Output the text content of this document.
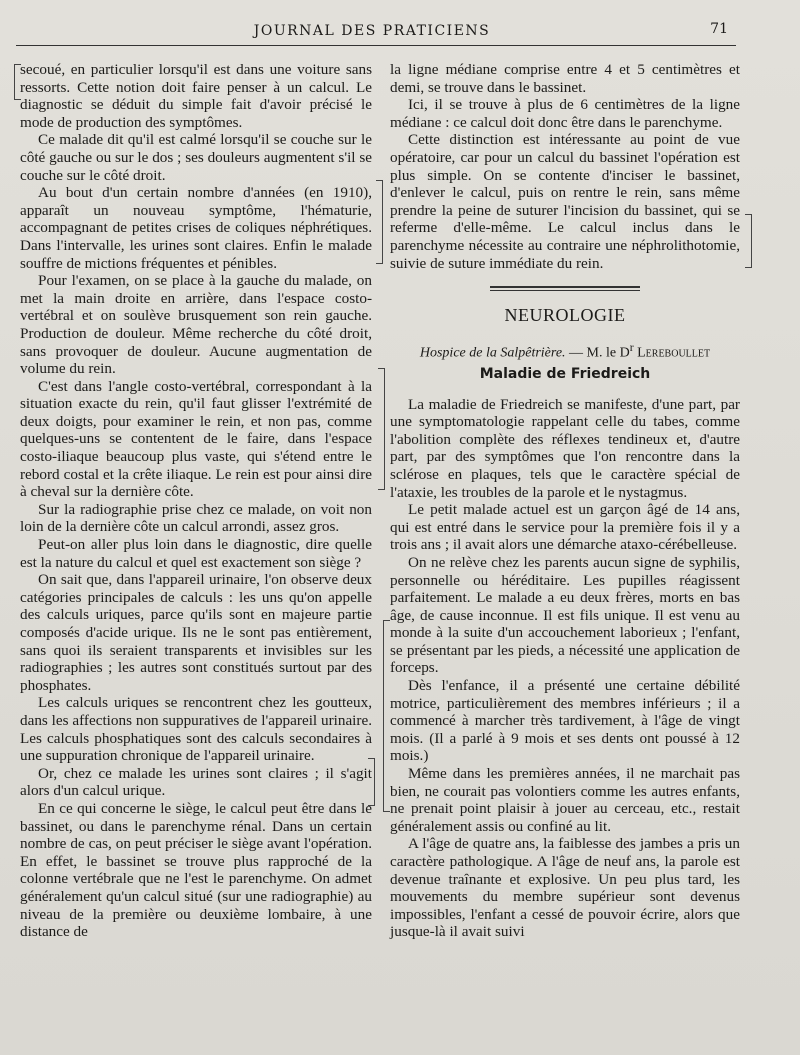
JOURNAL DES PRATICIENS	71

secoué, en particulier lorsqu'il est dans une voiture sans ressorts. Cette notion doit faire penser à un calcul. Le diagnostic se déduit du simple fait d'avoir précisé le mode de production des symptômes.

Ce malade dit qu'il est calmé lorsqu'il se couche sur le côté gauche ou sur le dos ; ses douleurs augmentent s'il se couche sur le côté droit.

Au bout d'un certain nombre d'années (en 1910), apparaît un nouveau symptôme, l'hématurie, accompagnant de petites crises de coliques néphrétiques. Dans l'intervalle, les urines sont claires. Enfin le malade souffre de mictions fréquentes et pénibles.

Pour l'examen, on se place à la gauche du malade, on met la main droite en arrière, dans l'espace costo-vertébral et on soulève brusquement son rein gauche. Production de douleur. Même recherche du côté droit, sans provoquer de douleur. Aucune augmentation de volume du rein.

C'est dans l'angle costo-vertébral, correspondant à la situation exacte du rein, qu'il faut glisser l'extrémité de deux doigts, pour examiner le rein, et non pas, comme quelques-uns se contentent de le faire, dans l'espace costo-iliaque beaucoup plus vaste, qui s'étend entre le rebord costal et la crête iliaque. Le rein est pour ainsi dire à cheval sur la dernière côte.

Sur la radiographie prise chez ce malade, on voit non loin de la dernière côte un calcul arrondi, assez gros.

Peut-on aller plus loin dans le diagnostic, dire quelle est la nature du calcul et quel est exactement son siège ?

On sait que, dans l'appareil urinaire, l'on observe deux catégories principales de calculs : les uns qu'on appelle des calculs uriques, parce qu'ils sont en majeure partie composés d'acide urique. Ils ne le sont pas entièrement, sans quoi ils seraient transparents et invisibles sur les radiographies ; les autres sont constitués surtout par des phosphates.

Les calculs uriques se rencontrent chez les goutteux, dans les affections non suppuratives de l'appareil urinaire. Les calculs phosphatiques sont des calculs secondaires à une suppuration chronique de l'appareil urinaire.

Or, chez ce malade les urines sont claires ; il s'agit alors d'un calcul urique.

En ce qui concerne le siège, le calcul peut être dans le bassinet, ou dans le parenchyme rénal. Dans un certain nombre de cas, on peut préciser le siège avant l'opération. En effet, le bassinet se trouve plus rapproché de la colonne vertébrale que ne l'est le parenchyme. On admet généralement qu'un calcul situé (sur une radiographie) au niveau de la première ou deuxième lombaire, à une distance de

la ligne médiane comprise entre 4 et 5 centimètres et demi, se trouve dans le bassinet.

Ici, il se trouve à plus de 6 centimètres de la ligne médiane : ce calcul doit donc être dans le parenchyme.

Cette distinction est intéressante au point de vue opératoire, car pour un calcul du bassinet l'opération est plus simple. On se contente d'inciser le bassinet, d'enlever le calcul, puis on rentre le rein, sans même prendre la peine de suturer l'incision du bassinet, qui se referme d'elle-même. Le calcul inclus dans le parenchyme nécessite au contraire une néphrolithotomie, suivie de suture immédiate du rein.

NEUROLOGIE
Hospice de la Salpêtrière. — M. le $D^r$ Lereboullet
Maladie de Friedreich

La maladie de Friedreich se manifeste, d'une part, par une symptomatologie rappelant celle du tabes, comme l'abolition complète des réflexes tendineux et, d'autre part, par des symptômes que l'on rencontre dans la sclérose en plaques, tels que le caractère spécial de l'ataxie, les troubles de la parole et le nystagmus.

Le petit malade actuel est un garçon âgé de 14 ans, qui est entré dans le service pour la première fois il y a trois ans ; il avait alors une démarche ataxo-cérébelleuse.

On ne relève chez les parents aucun signe de syphilis, personnelle ou héréditaire. Les pupilles réagissent parfaitement. Le malade a eu deux frères, morts en bas âge, de cause inconnue. Il est fils unique. Il est venu au monde à la suite d'un accouchement laborieux ; l'enfant, se présentant par les pieds, a nécessité une application de forceps.

Dès l'enfance, il a présenté une certaine débilité motrice, particulièrement des membres inférieurs ; il a commencé à marcher très tardivement, à l'âge de vingt mois. (Il a parlé à 9 mois et ses dents ont poussé à 12 mois.)

Même dans les premières années, il ne marchait pas bien, ne courait pas volontiers comme les autres enfants, ne prenait point plaisir à jouer au cerceau, etc., restait généralement assis ou confiné au lit.

A l'âge de quatre ans, la faiblesse des jambes a pris un caractère pathologique. A l'âge de neuf ans, la parole est devenue traînante et explosive. Un peu plus tard, les mouvements du membre supérieur sont devenus impossibles, l'enfant a cessé de pouvoir écrire, alors que jusque-là il avait suivi
